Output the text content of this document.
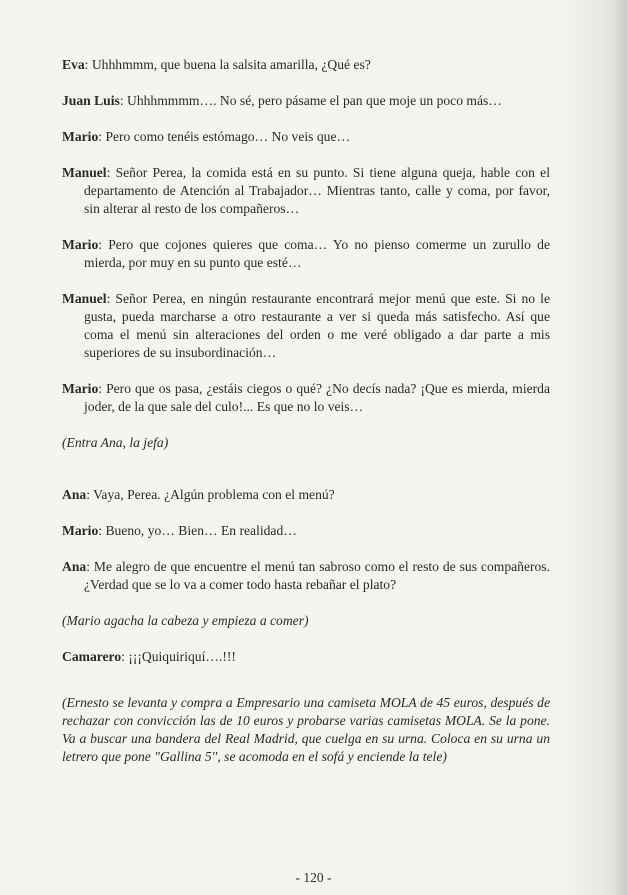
Eva: Uhhhmmm, que buena la salsita amarilla, ¿Qué es?

Juan Luis: Uhhhmmmm…. No sé, pero pásame el pan que moje un poco más…

Mario: Pero como tenéis estómago… No veis que…

Manuel: Señor Perea, la comida está en su punto. Si tiene alguna queja, hable con el departamento de Atención al Trabajador… Mientras tanto, calle y coma, por favor, sin alterar al resto de los compañeros…

Mario: Pero que cojones quieres que coma… Yo no pienso comerme un zurullo de mierda, por muy en su punto que esté…

Manuel: Señor Perea, en ningún restaurante encontrará mejor menú que este. Si no le gusta, pueda marcharse a otro restaurante a ver si queda más satisfecho. Así que coma el menú sin alteraciones del orden o me veré obligado a dar parte a mis superiores de su insubordinación…

Mario: Pero que os pasa, ¿estáis ciegos o qué? ¿No decís nada? ¡Que es mierda, mierda joder, de la que sale del culo!... Es que no lo veis…

(Entra Ana, la jefa)

Ana: Vaya, Perea. ¿Algún problema con el menú?

Mario: Bueno, yo… Bien… En realidad…

Ana: Me alegro de que encuentre el menú tan sabroso como el resto de sus compañeros. ¿Verdad que se lo va a comer todo hasta rebañar el plato?

(Mario agacha la cabeza y empieza a comer)

Camarero: ¡¡¡Quiquiriquí….!!!

(Ernesto se levanta y compra a Empresario una camiseta MOLA de 45 euros, después de rechazar con convicción las de 10 euros y probarse varias camisetas MOLA. Se la pone. Va a buscar una bandera del Real Madrid, que cuelga en su urna. Coloca en su urna un letrero que pone "Gallina 5", se acomoda en el sofá y enciende la tele)

- 120 -
